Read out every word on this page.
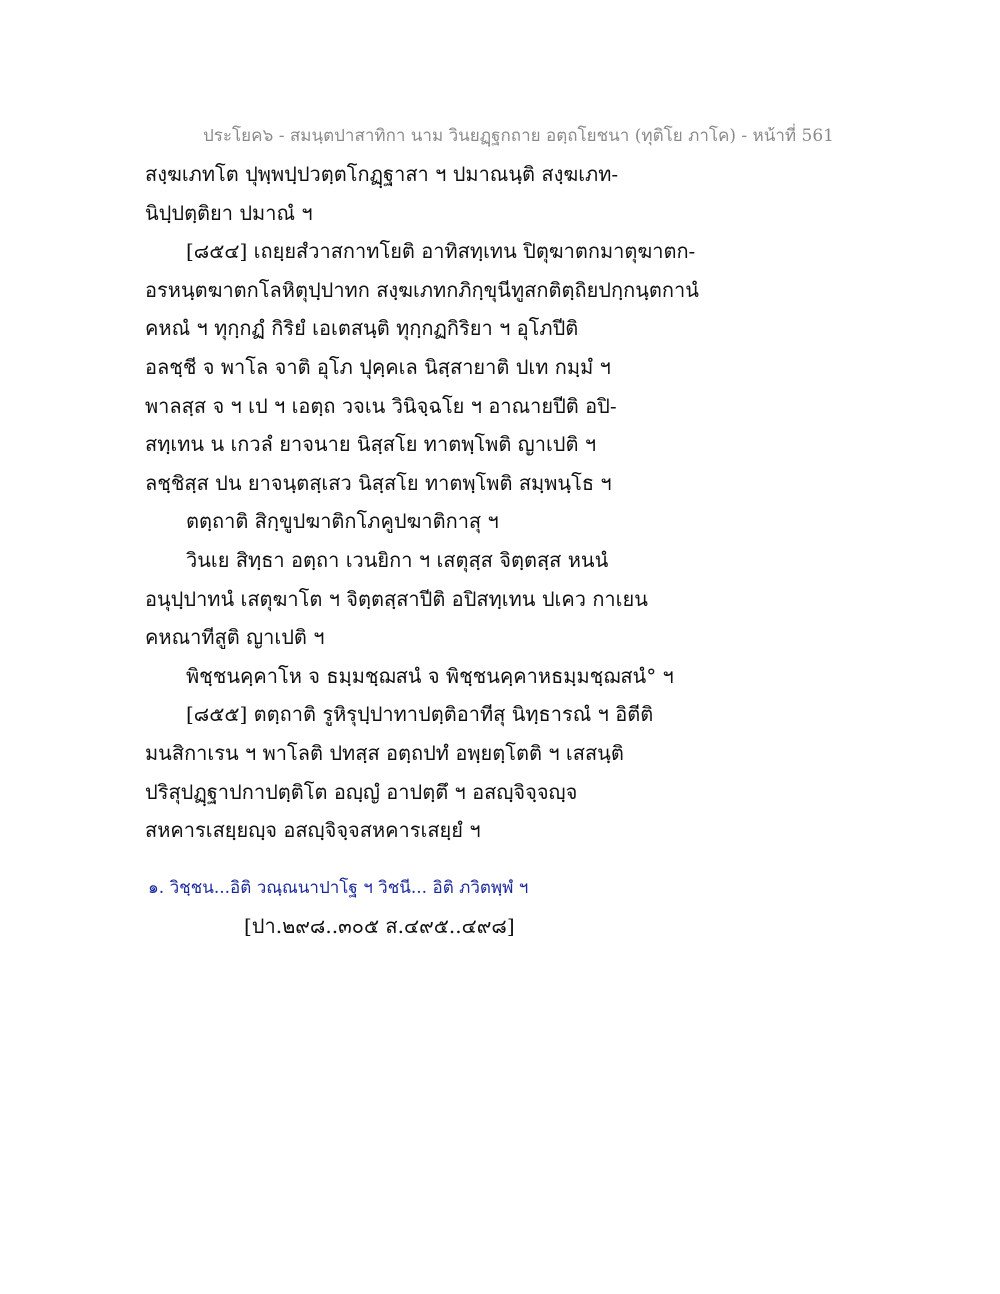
ประโยค๖ - สมนฺตปาสาทิกา นาม วินยฏฺฐกถาย อตฺถโยชนา (ทุติโย ภาโค) - หน้าที่ 561
สงฺฆเภทโต ปุพฺพปฺปวตฺตโกฏฺฐาสา ฯ ปมาณนฺติ สงฺฆเภท-
นิปฺปตฺติยา ปมาณํ ฯ
[๘๕๔] เถยฺยสํวาสกาทโยติ อาทิสทฺเทน ปิตุฆาตกมาตุฆาตก-
อรหนฺตฆาตกโลหิตุปฺปาทก สงฺฆเภทกภิกฺขุนีทูสกติตฺถิยปกฺกนฺตกานํ
คหณํ ฯ ทุกฺกฏํ กิริยํ เอเตสนฺติ ทุกฺกฏกิริยา ฯ อุโภปีติ
อลชฺชี จ พาโล จาติ อุโภ ปุคฺคเล นิสฺสายาติ ปเท กมฺมํ ฯ
พาลสฺส จ ฯ เป ฯ เอตฺถ วจเน วินิจฺฉโย ฯ อาณายปีติ อปิ-
สทฺเทน น เกวลํ ยาจนาย นิสฺสโย ทาตพฺโพติ ญาเปติ ฯ
ลชฺชิสฺส ปน ยาจนฺตสฺเสว นิสฺสโย ทาตพฺโพติ สมฺพนฺโธ ฯ
ตตฺถาติ สิกฺขูปฆาติกโภคูปฆาติกาสุ ฯ
วินเย สิทฺธา อตฺถา เวนยิกา ฯ เสตุสฺส จิตฺตสฺส หนนํ
อนุปฺปาทนํ เสตุฆาโต ฯ จิตฺตสฺสาปีติ อปิสทฺเทน ปเคว กาเยน
คหณาทีสูติ ญาเปติ ฯ
พิชฺชนคฺคาโห จ ธมฺมชฺฌสนํ จ พิชฺชนคฺคาหธมฺมชฺฌสนํ° ฯ
[๘๕๕] ตตฺถาติ รูหิรุปฺปาทาปตฺติอาทีสุ นิทฺธารณํ ฯ อิตีติ
มนสิกาเรน ฯ พาโลติ ปทสฺส อตฺถปทํ อพฺยตฺโตติ ฯ เสสนฺติ
ปริสุปฏฺฐาปกาปตฺติโต อญฺญํ อาปตฺตึ ฯ อสญฺจิจฺจญฺจ
สหคารเสยฺยญฺจ อสญฺจิจฺจสหคารเสยฺยํ ฯ
๑. วิชฺชน...อิติ วณฺณนาปาโฐ ฯ วิชนี... อิติ ภวิตพฺพํ ฯ
[ปา.๒๙๘..๓๐๕ ส.๔๙๕..๔๙๘]
